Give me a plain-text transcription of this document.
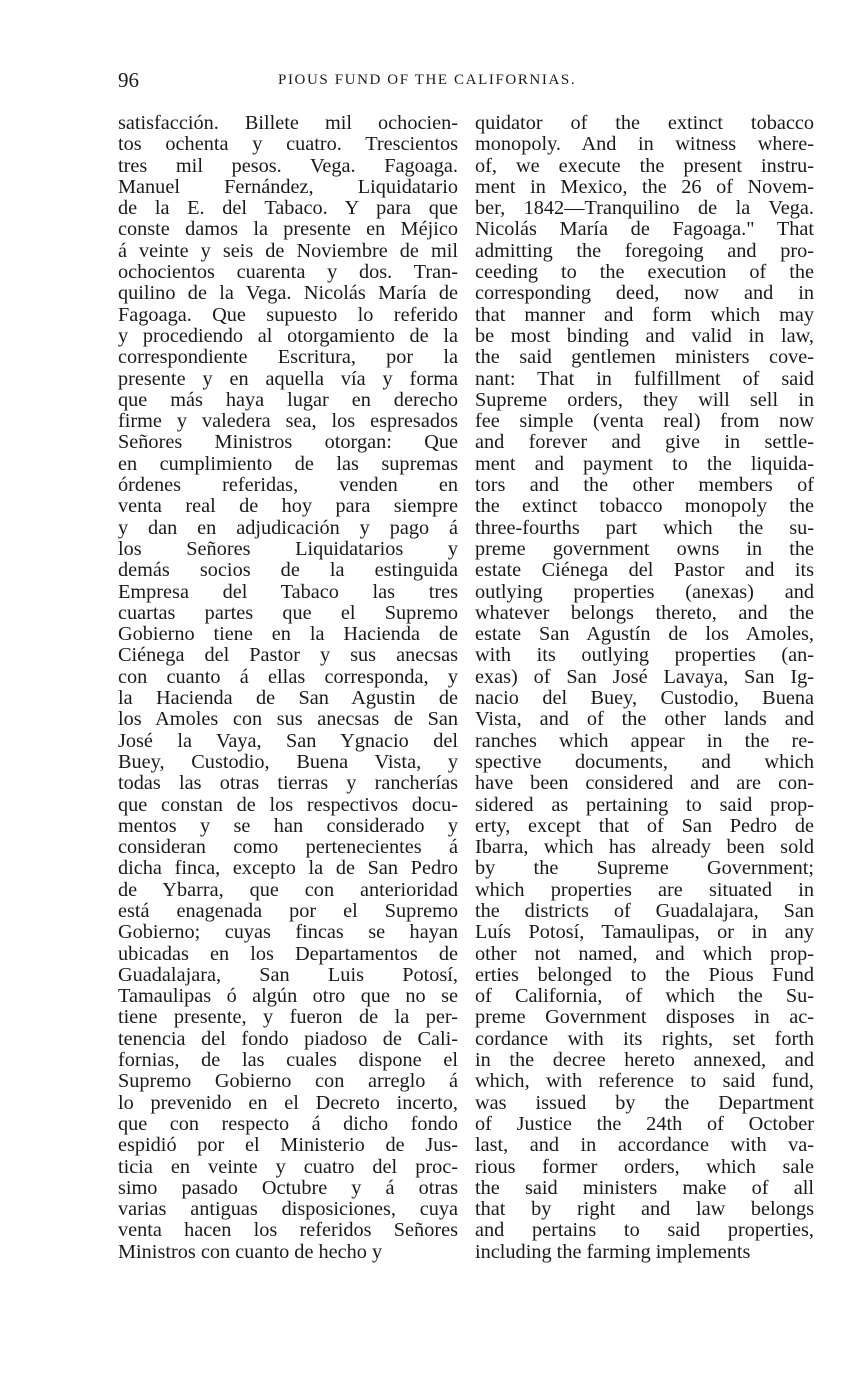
96	PIOUS FUND OF THE CALIFORNIAS.
satisfacción. Billete mil ochocien-
tos ochenta y cuatro. Trescientos
tres mil pesos. Vega. Fagoaga.
Manuel Fernández, Liquidatario
de la E. del Tabaco. Y para que
conste damos la presente en Méjico
á veinte y seis de Noviembre de mil
ochocientos cuarenta y dos. Tran-
quilino de la Vega. Nicolás María de
Fagoaga. Que supuesto lo referido
y procediendo al otorgamiento de la
correspondiente Escritura, por la
presente y en aquella vía y forma
que más haya lugar en derecho
firme y valedera sea, los espresados
Señores Ministros otorgan: Que
en cumplimiento de las supremas
órdenes referidas, venden en
venta real de hoy para siempre
y dan en adjudicación y pago á
los Señores Liquidatarios y
demás socios de la estinguida
Empresa del Tabaco las tres
cuartas partes que el Supremo
Gobierno tiene en la Hacienda de
Ciénega del Pastor y sus anecsas
con cuanto á ellas corresponda, y
la Hacienda de San Agustin de
los Amoles con sus anecsas de San
José la Vaya, San Ygnacio del
Buey, Custodio, Buena Vista, y
todas las otras tierras y rancherías
que constan de los respectivos docu-
mentos y se han considerado y
consideran como pertenecientes á
dicha finca, excepto la de San Pedro
de Ybarra, que con anterioridad
está enagenada por el Supremo
Gobierno; cuyas fincas se hayan
ubicadas en los Departamentos de
Guadalajara, San Luis Potosí,
Tamaulipas ó algún otro que no se
tiene presente, y fueron de la per-
tenencia del fondo piadoso de Cali-
fornias, de las cuales dispone el
Supremo Gobierno con arreglo á
lo prevenido en el Decreto incerto,
que con respecto á dicho fondo
espidió por el Ministerio de Jus-
ticia en veinte y cuatro del proc-
simo pasado Octubre y á otras
varias antiguas disposiciones, cuya
venta hacen los referidos Señores
Ministros con cuanto de hecho y
quidator of the extinct tobacco
monopoly. And in witness where-
of, we execute the present instru-
ment in Mexico, the 26 of Novem-
ber, 1842—Tranquilino de la Vega.
Nicolás María de Fagoaga." That
admitting the foregoing and pro-
ceeding to the execution of the
corresponding deed, now and in
that manner and form which may
be most binding and valid in law,
the said gentlemen ministers cove-
nant: That in fulfillment of said
Supreme orders, they will sell in
fee simple (venta real) from now
and forever and give in settle-
ment and payment to the liquida-
tors and the other members of
the extinct tobacco monopoly the
three-fourths part which the su-
preme government owns in the
estate Ciénega del Pastor and its
outlying properties (anexas) and
whatever belongs thereto, and the
estate San Agustín de los Amoles,
with its outlying properties (an-
exas) of San José Lavaya, San Ig-
nacio del Buey, Custodio, Buena
Vista, and of the other lands and
ranches which appear in the re-
spective documents, and which
have been considered and are con-
sidered as pertaining to said prop-
erty, except that of San Pedro de
Ibarra, which has already been sold
by the Supreme Government;
which properties are situated in
the districts of Guadalajara, San
Luís Potosí, Tamaulipas, or in any
other not named, and which prop-
erties belonged to the Pious Fund
of California, of which the Su-
preme Government disposes in ac-
cordance with its rights, set forth
in the decree hereto annexed, and
which, with reference to said fund,
was issued by the Department
of Justice the 24th of October
last, and in accordance with va-
rious former orders, which sale
the said ministers make of all
that by right and law belongs
and pertains to said properties,
including the farming implements
